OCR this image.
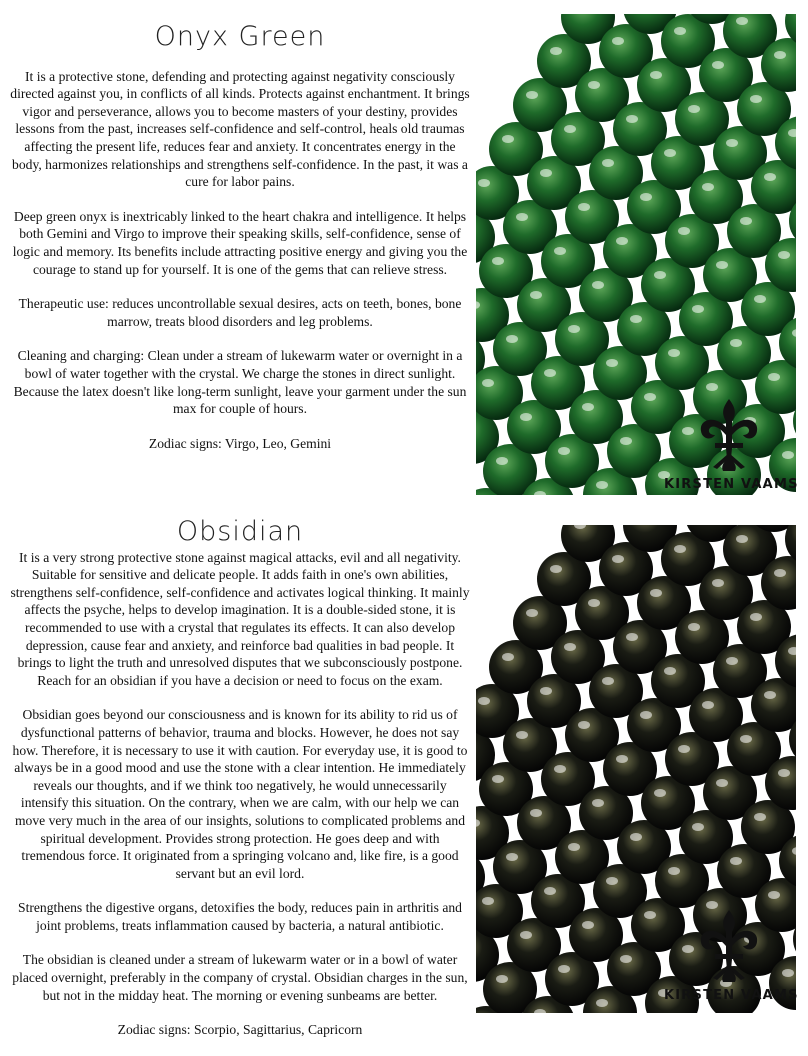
Onyx Green

It is a protective stone, defending and protecting against negativity consciously directed against you, in conflicts of all kinds. Protects against enchantment. It brings vigor and perseverance, allows you to become masters of your destiny, provides lessons from the past, increases self-confidence and self-control, heals old traumas affecting the present life, reduces fear and anxiety. It concentrates energy in the body, harmonizes relationships and strengthens self-confidence. In the past, it was a cure for labor pains.

Deep green onyx is inextricably linked to the heart chakra and intelligence. It helps both Gemini and Virgo to improve their speaking skills, self-confidence, sense of logic and memory. Its benefits include attracting positive energy and giving you the courage to stand up for yourself. It is one of the gems that can relieve stress.

Therapeutic use: reduces uncontrollable sexual desires, acts on teeth, bones, bone marrow, treats blood disorders and leg problems.

Cleaning and charging: Clean under a stream of lukewarm water or overnight in a bowl of water together with the crystal. We charge the stones in direct sunlight. Because the latex doesn't like long-term sunlight, leave your garment under the sun max for couple of hours.

Zodiac signs: Virgo, Leo, Gemini

KIRSTEN VAAMS
Obsidian

It is a very strong protective stone against magical attacks, evil and all negativity. Suitable for sensitive and delicate people. It adds faith in one's own abilities, strengthens self-confidence, self-confidence and activates logical thinking. It mainly affects the psyche, helps to develop imagination. It is a double-sided stone, it is recommended to use with a crystal that regulates its effects. It can also develop depression, cause fear and anxiety, and reinforce bad qualities in bad people. It brings to light the truth and unresolved disputes that we subconsciously postpone. Reach for an obsidian if you have a decision or need to focus on the exam.

Obsidian goes beyond our consciousness and is known for its ability to rid us of dysfunctional patterns of behavior, trauma and blocks. However, he does not say how. Therefore, it is necessary to use it with caution. For everyday use, it is good to always be in a good mood and use the stone with a clear intention. He immediately reveals our thoughts, and if we think too negatively, he would unnecessarily intensify this situation. On the contrary, when we are calm, with our help we can move very much in the area of our insights, solutions to complicated problems and spiritual development. Provides strong protection. He goes deep and with tremendous force. It originated from a springing volcano and, like fire, is a good servant but an evil lord.

Strengthens the digestive organs, detoxifies the body, reduces pain in arthritis and joint problems, treats inflammation caused by bacteria, a natural antibiotic.

The obsidian is cleaned under a stream of lukewarm water or in a bowl of water placed overnight, preferably in the company of crystal. Obsidian charges in the sun, but not in the midday heat. The morning or evening sunbeams are better.

Zodiac signs: Scorpio, Sagittarius, Capricorn

KIRSTEN VAAMS
